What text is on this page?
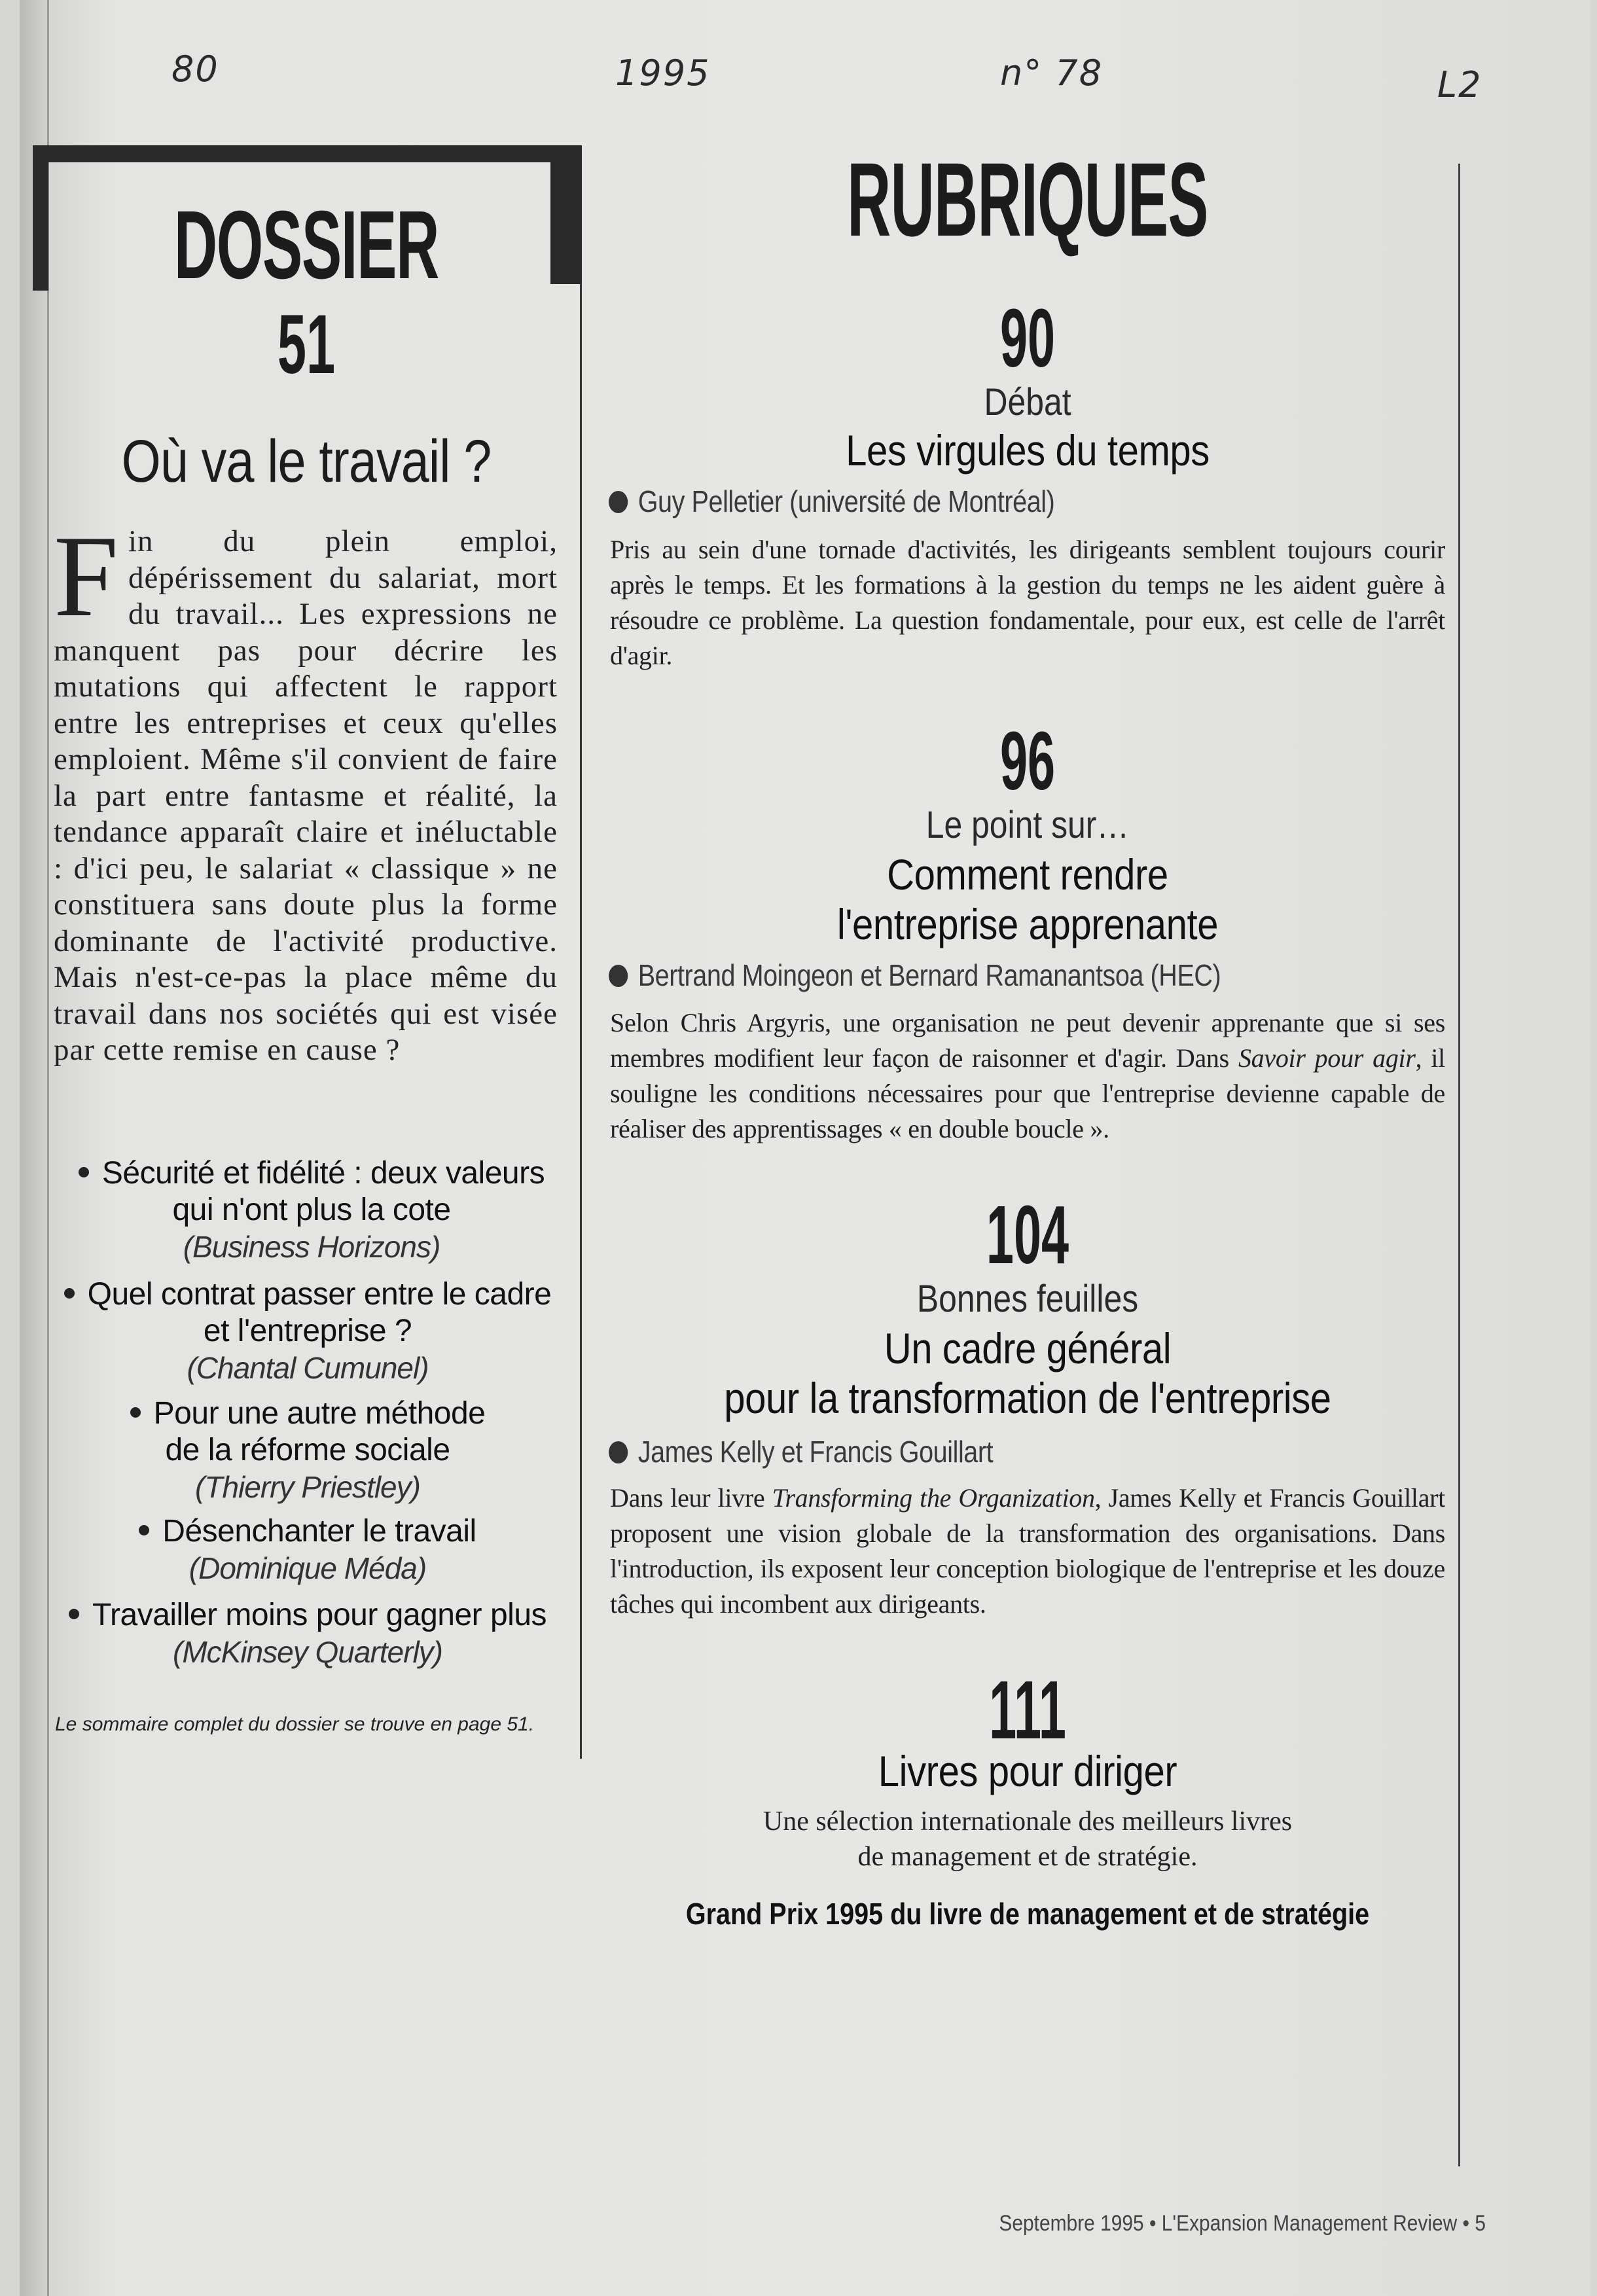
80	1995	n° 78	L2
DOSSIER
51
Où va le travail ?
F in du plein emploi, dépérissement du salariat, mort du travail... Les expressions ne manquent pas pour décrire les mutations qui affectent le rapport entre les entreprises et ceux qu'elles emploient. Même s'il convient de faire la part entre fantasme et réalité, la tendance apparaît claire et inéluctable : d'ici peu, le salariat « classique » ne constituera sans doute plus la forme dominante de l'activité productive. Mais n'est-ce-pas la place même du travail dans nos sociétés qui est visée par cette remise en cause ?
Sécurité et fidélité : deux valeurs
qui n'ont plus la cote
(Business Horizons)
Quel contrat passer entre le cadre
et l'entreprise ?
(Chantal Cumunel)
Pour une autre méthode
de la réforme sociale
(Thierry Priestley)
Désenchanter le travail
(Dominique Méda)
Travailler moins pour gagner plus
(McKinsey Quarterly)
Le sommaire complet du dossier se trouve en page 51.
RUBRIQUES
90
Débat
Les virgules du temps
Guy Pelletier (université de Montréal)
Pris au sein d'une tornade d'activités, les dirigeants semblent toujours courir après le temps. Et les formations à la gestion du temps ne les aident guère à résoudre ce problème. La question fondamentale, pour eux, est celle de l'arrêt d'agir.
96
Le point sur…
Comment rendre
l'entreprise apprenante
Bertrand Moingeon et Bernard Ramanantsoa (HEC)
Selon Chris Argyris, une organisation ne peut devenir apprenante que si ses membres modifient leur façon de raisonner et d'agir. Dans Savoir pour agir, il souligne les conditions nécessaires pour que l'entreprise devienne capable de réaliser des apprentissages « en double boucle ».
104
Bonnes feuilles
Un cadre général
pour la transformation de l'entreprise
James Kelly et Francis Gouillart
Dans leur livre Transforming the Organization, James Kelly et Francis Gouillart proposent une vision globale de la transformation des organisations. Dans l'introduction, ils exposent leur conception biologique de l'entreprise et les douze tâches qui incombent aux dirigeants.
111
Livres pour diriger
Une sélection internationale des meilleurs livres
de management et de stratégie.
Grand Prix 1995 du livre de management et de stratégie
Septembre 1995 • L'Expansion Management Review • 5
